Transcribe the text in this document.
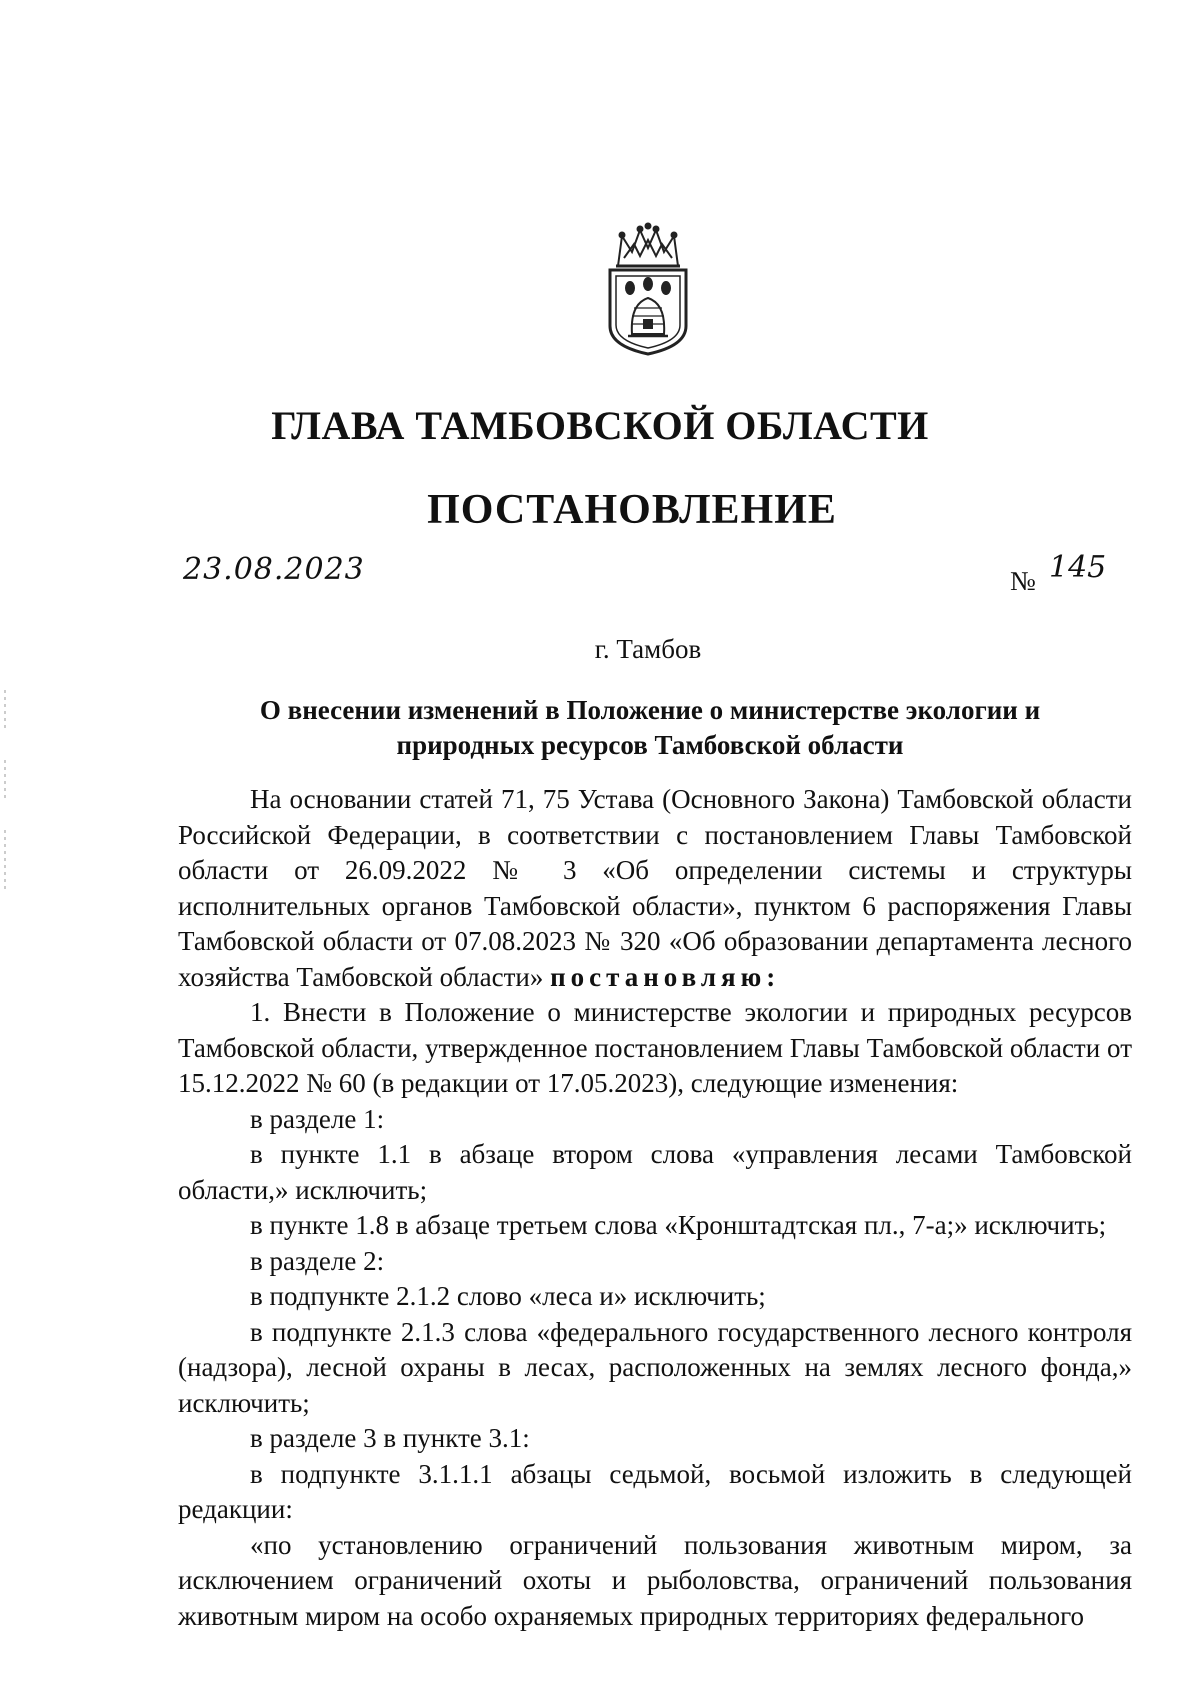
ГЛАВА ТАМБОВСКОЙ ОБЛАСТИ
ПОСТАНОВЛЕНИЕ
23.08.2023	№ 145
г. Тамбов
О внесении изменений в Положение о министерстве экологии и
природных ресурсов Тамбовской области

На основании статей 71, 75 Устава (Основного Закона) Тамбовской области Российской Федерации, в соответствии с постановлением Главы Тамбовской области от 26.09.2022 № 3 «Об определении системы и структуры исполнительных органов Тамбовской области», пунктом 6 распоряжения Главы Тамбовской области от 07.08.2023 № 320 «Об образовании департамента лесного хозяйства Тамбовской области» постановляю:

1. Внести в Положение о министерстве экологии и природных ресурсов Тамбовской области, утвержденное постановлением Главы Тамбовской области от 15.12.2022 № 60 (в редакции от 17.05.2023), следующие изменения:

в разделе 1:

в пункте 1.1 в абзаце втором слова «управления лесами Тамбовской области,» исключить;

в пункте 1.8 в абзаце третьем слова «Кронштадтская пл., 7-а;» исключить;

в разделе 2:

в подпункте 2.1.2 слово «леса и» исключить;

в подпункте 2.1.3 слова «федерального государственного лесного контроля (надзора), лесной охраны в лесах, расположенных на землях лесного фонда,» исключить;

в разделе 3 в пункте 3.1:

в подпункте 3.1.1.1 абзацы седьмой, восьмой изложить в следующей редакции:

«по установлению ограничений пользования животным миром, за исключением ограничений охоты и рыболовства, ограничений пользования животным миром на особо охраняемых природных территориях федерального
